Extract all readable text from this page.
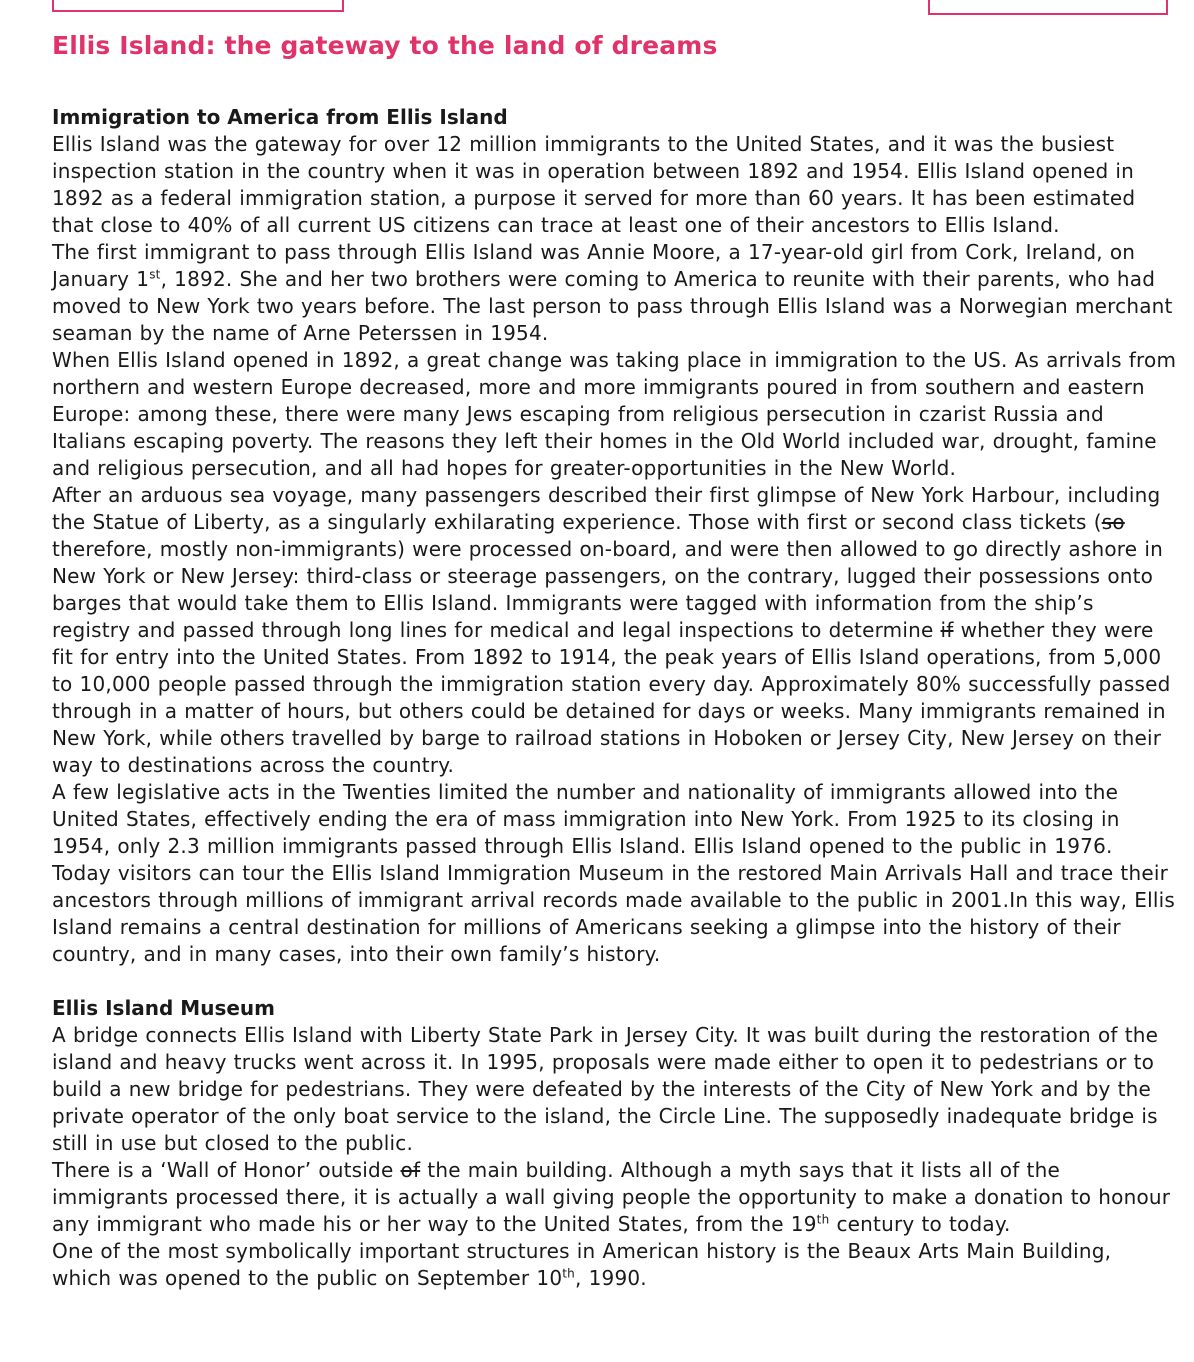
Ellis Island: the gateway to the land of dreams
Immigration to America from Ellis Island

Ellis Island was the gateway for over 12 million immigrants to the United States, and it was the busiest inspection station in the country when it was in operation between 1892 and 1954. Ellis Island opened in 1892 as a federal immigration station, a purpose it served for more than 60 years. It has been estimated that close to 40% of all current US citizens can trace at least one of their ancestors to Ellis Island.

The first immigrant to pass through Ellis Island was Annie Moore, a 17-year-old girl from Cork, Ireland, on January 1st, 1892. She and her two brothers were coming to America to reunite with their parents, who had moved to New York two years before. The last person to pass through Ellis Island was a Norwegian merchant seaman by the name of Arne Peterssen in 1954.

When Ellis Island opened in 1892, a great change was taking place in immigration to the US. As arrivals from northern and western Europe decreased, more and more immigrants poured in from southern and eastern Europe: among these, there were many Jews escaping from religious persecution in czarist Russia and Italians escaping poverty. The reasons they left their homes in the Old World included war, drought, famine and religious persecution, and all had hopes for greater-opportunities in the New World.

After an arduous sea voyage, many passengers described their first glimpse of New York Harbour, including the Statue of Liberty, as a singularly exhilarating experience. Those with first or second class tickets (so therefore, mostly non-immigrants) were processed on-board, and were then allowed to go directly ashore in New York or New Jersey: third-class or steerage passengers, on the contrary, lugged their possessions onto barges that would take them to Ellis Island. Immigrants were tagged with information from the ship’s registry and passed through long lines for medical and legal inspections to determine if whether they were fit for entry into the United States. From 1892 to 1914, the peak years of Ellis Island operations, from 5,000 to 10,000 people passed through the immigration station every day. Approximately 80% successfully passed through in a matter of hours, but others could be detained for days or weeks. Many immigrants remained in New York, while others travelled by barge to railroad stations in Hoboken or Jersey City, New Jersey on their way to destinations across the country.

A few legislative acts in the Twenties limited the number and nationality of immigrants allowed into the United States, effectively ending the era of mass immigration into New York. From 1925 to its closing in 1954, only 2.3 million immigrants passed through Ellis Island. Ellis Island opened to the public in 1976. Today visitors can tour the Ellis Island Immigration Museum in the restored Main Arrivals Hall and trace their ancestors through millions of immigrant arrival records made available to the public in 2001.In this way, Ellis Island remains a central destination for millions of Americans seeking a glimpse into the history of their country, and in many cases, into their own family’s history.

Ellis Island Museum

A bridge connects Ellis Island with Liberty State Park in Jersey City. It was built during the restoration of the island and heavy trucks went across it. In 1995, proposals were made either to open it to pedestrians or to build a new bridge for pedestrians. They were defeated by the interests of the City of New York and by the private operator of the only boat service to the island, the Circle Line. The supposedly inadequate bridge is still in use but closed to the public.

There is a ‘Wall of Honor’ outside of the main building. Although a myth says that it lists all of the immigrants processed there, it is actually a wall giving people the opportunity to make a donation to honour any immigrant who made his or her way to the United States, from the 19th century to today.

One of the most symbolically important structures in American history is the Beaux Arts Main Building, which was opened to the public on September 10th, 1990.
